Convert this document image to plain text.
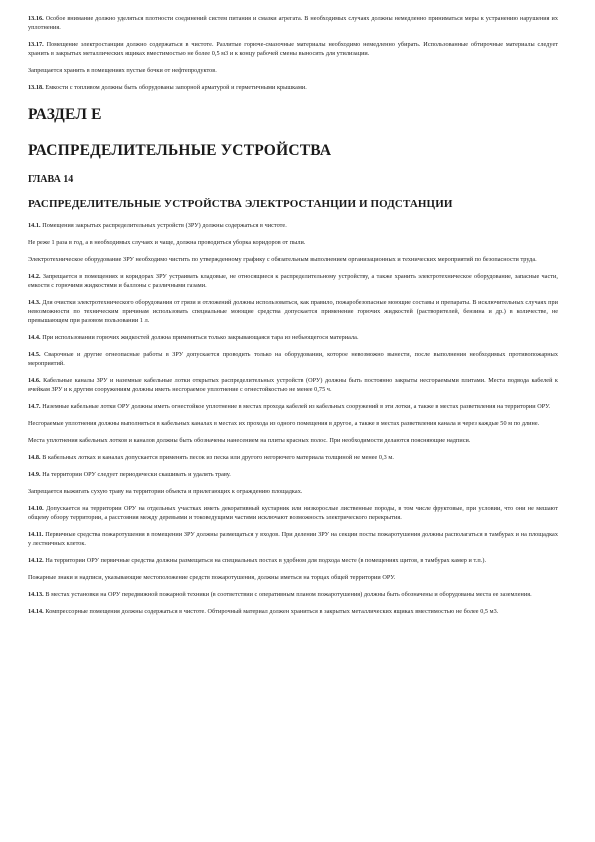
13.16. Особое внимание должно уделяться плотности соединений систем питания и смазки агрегата. В необходимых случаях должны немедленно приниматься меры к устранению нарушения их уплотнения.

13.17. Помещение электростанции должно содержаться в чистоте. Разлитые горюче-смазочные материалы необходимо немедленно убирать. Использованные обтирочные материалы следует хранить в закрытых металлических ящиках вместимостью не более 0,5 м3 и к концу рабочей смены выносить для утилизации.

Запрещается хранить в помещениях пустые бочки от нефтепродуктов.

13.18. Емкости с топливом должны быть оборудованы запорной арматурой и герметичными крышками.

РАЗДЕЛ Е
РАСПРЕДЕЛИТЕЛЬНЫЕ УСТРОЙСТВА
ГЛАВА 14
РАСПРЕДЕЛИТЕЛЬНЫЕ УСТРОЙСТВА ЭЛЕКТРОСТАНЦИИ И ПОДСТАНЦИИ

14.1. Помещения закрытых распределительных устройств (ЗРУ) должны содержаться в чистоте.

Не реже 1 раза в год, а в необходимых случаях и чаще, должна проводиться уборка коридоров от пыли.

Электротехническое оборудование ЗРУ необходимо чистить по утвержденному графику с обязательным выполнением организационных и технических мероприятий по безопасности труда.

14.2. Запрещается в помещениях и коридорах ЗРУ устраивать кладовые, не относящиеся к распределительному устройству, а также хранить электротехническое оборудование, запасные части, емкости с горючими жидкостями и баллоны с различными газами.

14.3. Для очистки электротехнического оборудования от грязи и отложений должны использоваться, как правило, пожаробезопасные моющие составы и препараты. В исключительных случаях при невозможности по техническим причинам использовать специальные моющие средства допускается применение горючих жидкостей (растворителей, бензина и др.) в количестве, не превышающем при разовом пользовании 1 л.

14.4. При использовании горючих жидкостей должна применяться только закрывающаяся тара из небьющегося материала.

14.5. Сварочные и другие огнеопасные работы в ЗРУ допускается проводить только на оборудовании, которое невозможно вынести, после выполнения необходимых противопожарных мероприятий.

14.6. Кабельные каналы ЗРУ и наземные кабельные лотки открытых распределительных устройств (ОРУ) должны быть постоянно закрыты несгораемыми плитами. Места подвода кабелей к ячейкам ЗРУ и к другим сооружениям должны иметь несгораемое уплотнение с огнестойкостью не менее 0,75 ч.

14.7. Наземные кабельные лотки ОРУ должны иметь огнестойкое уплотнение в местах прохода кабелей из кабельных сооружений в эти лотки, а также в местах разветвления на территории ОРУ.

Несгораемые уплотнения должны выполняться в кабельных каналах в местах их прохода из одного помещения в другое, а также в местах разветвления канала и через каждые 50 м по длине.

Места уплотнения кабельных лотков и каналов должны быть обозначены нанесением на плиты красных полос. При необходимости делаются поясняющие надписи.

14.8. В кабельных лотках и каналах допускается применять песок из песка или другого негорючего материала толщиной не менее 0,3 м.

14.9. На территории ОРУ следует периодически скашивать и удалять траву.

Запрещается выжигать сухую траву на территории объекта и прилегающих к ограждению площадках.

14.10. Допускается на территории ОРУ на отдельных участках иметь декоративный кустарник или низкорослые лиственные породы, в том числе фруктовые, при условии, что они не мешают общему обзору территории, а расстояния между деревьями и токоведущими частями исключают возможность электрического перекрытия.

14.11. Первичные средства пожаротушения в помещении ЗРУ должны размещаться у входов. При делении ЗРУ на секции посты пожаротушения должны располагаться в тамбурах и на площадках у лестничных клеток.

14.12. На территории ОРУ первичные средства должны размещаться на специальных постах в удобном для подхода месте (в помещениях щитов, в тамбурах камер и т.п.).

Пожарные знаки и надписи, указывающие местоположение средств пожаротушения, должны иметься на торцах общей территории ОРУ.

14.13. В местах установки на ОРУ передвижной пожарной техники (в соответствии с оперативным планом пожаротушения) должны быть обозначены и оборудованы места ее заземления.

14.14. Компрессорные помещения должны содержаться в чистоте. Обтирочный материал должен храниться в закрытых металлических ящиках вместимостью не более 0,5 м3.
